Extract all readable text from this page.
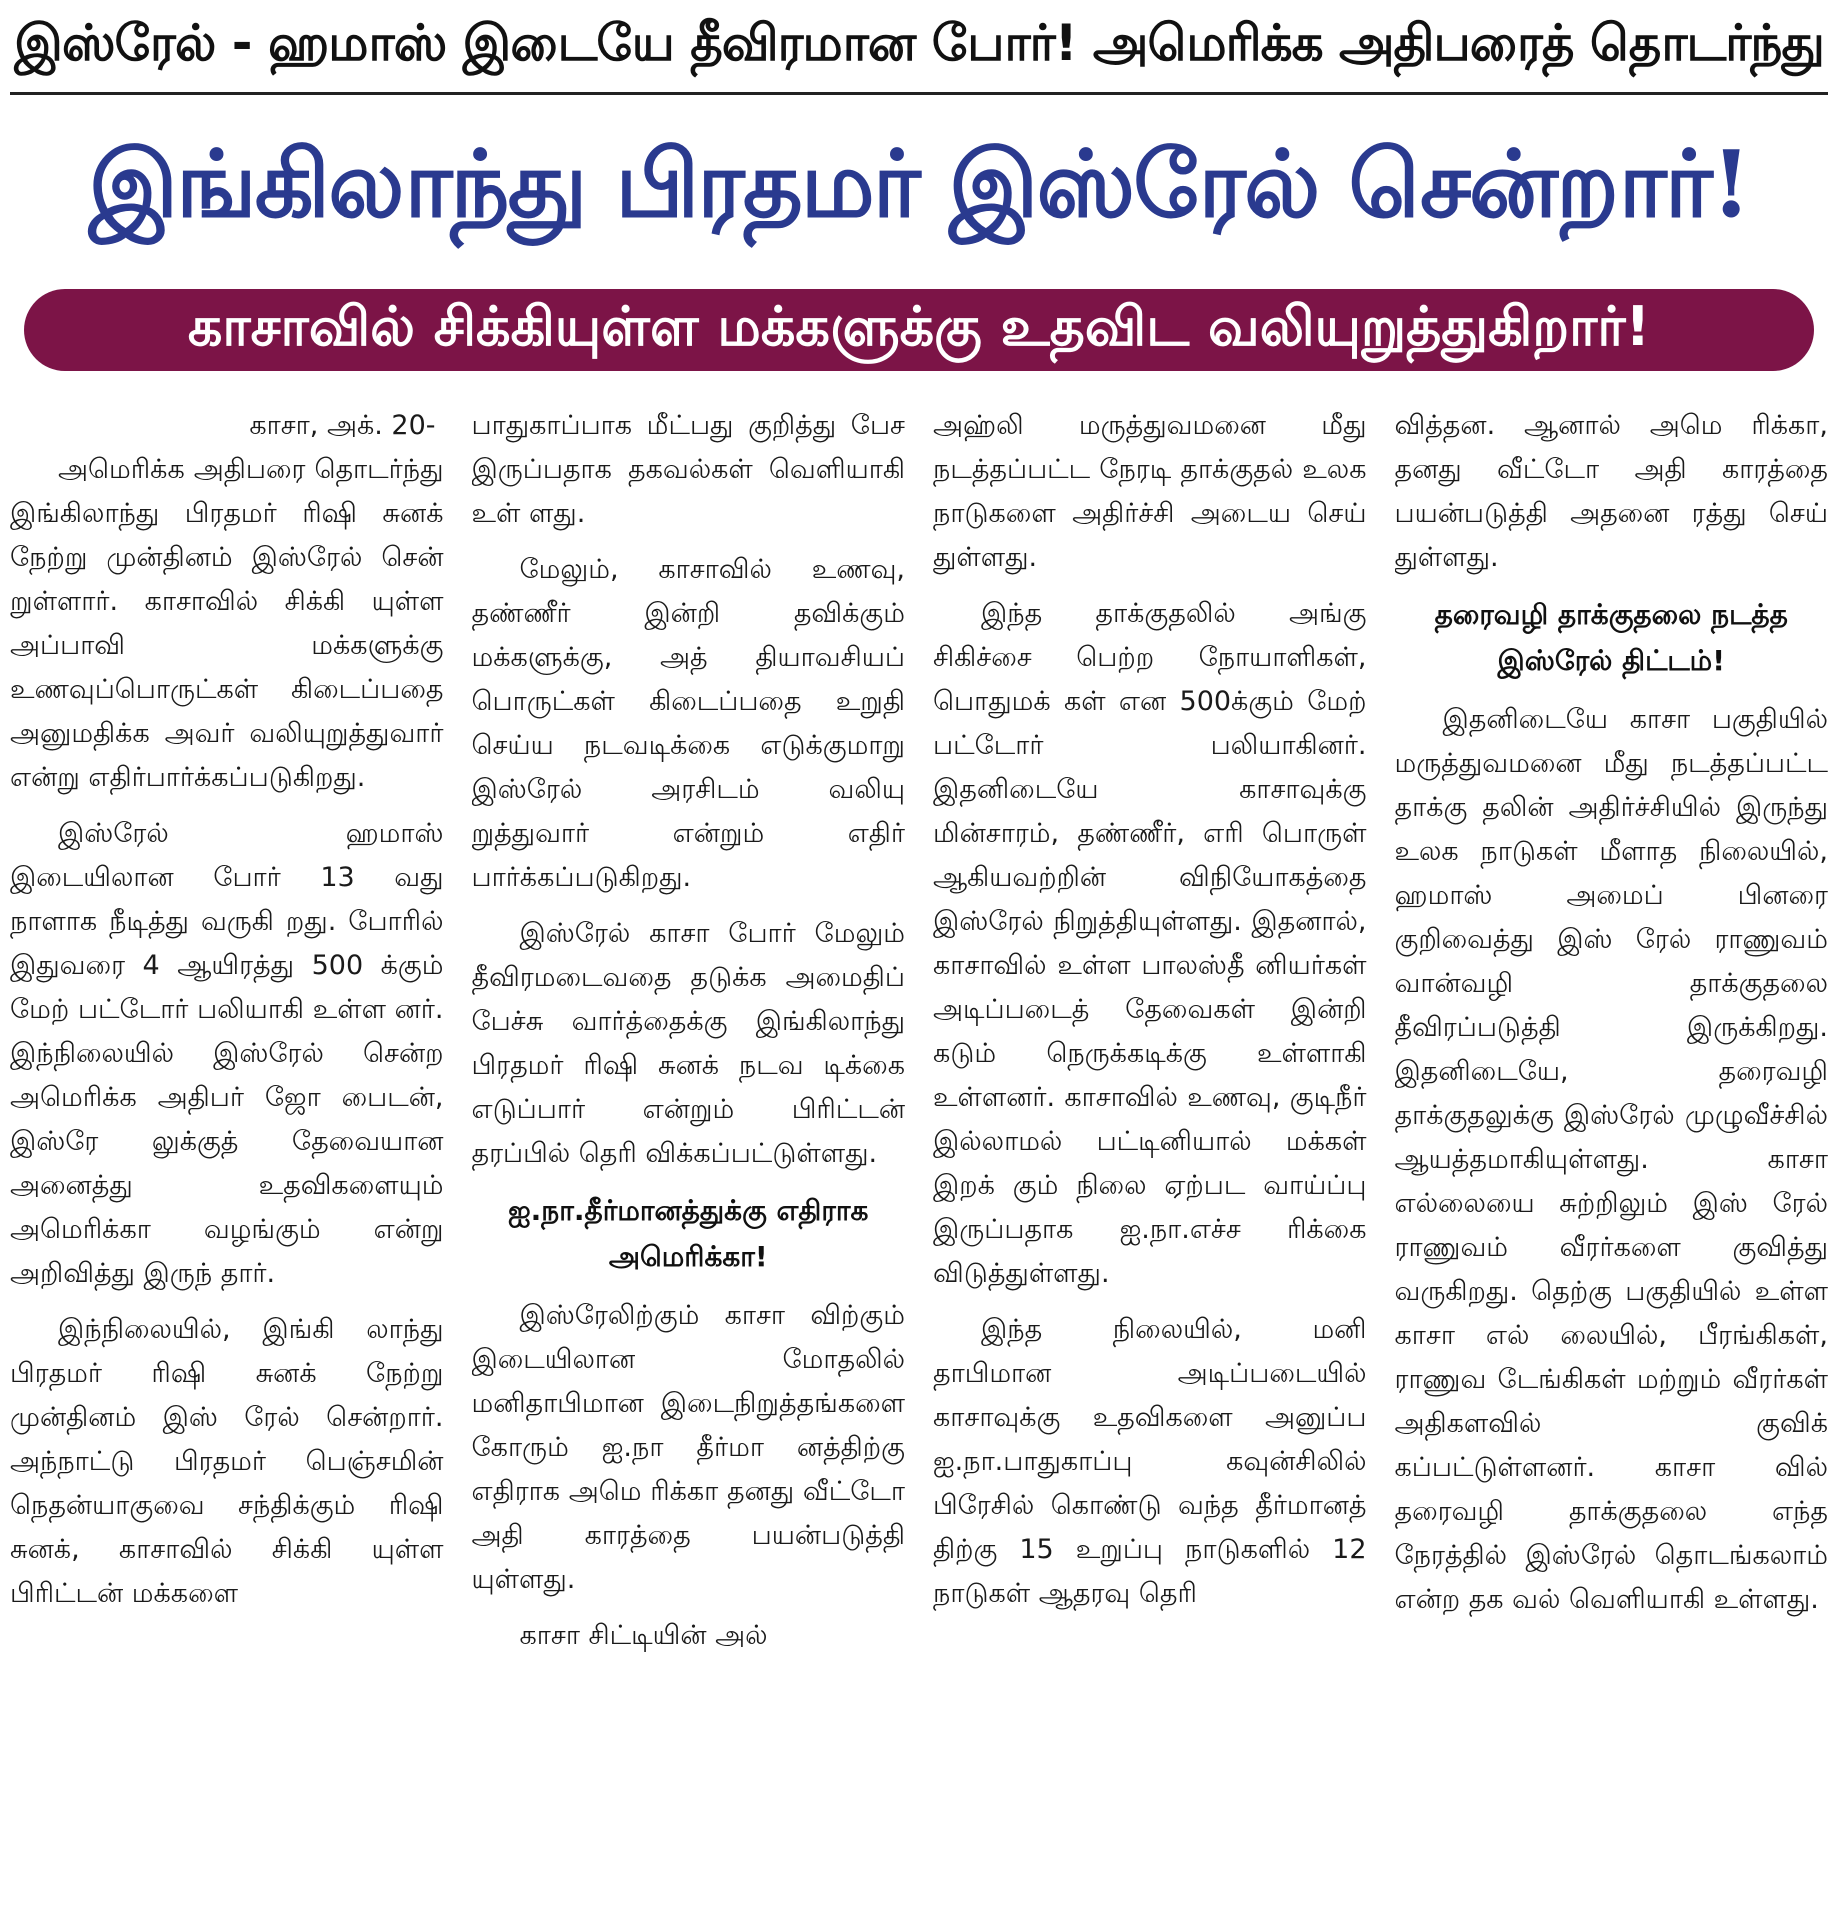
இஸ்ரேல் - ஹமாஸ் இடையே தீவிரமான போர்! அமெரிக்க அதிபரைத் தொடர்ந்து
இங்கிலாந்து பிரதமர் இஸ்ரேல் சென்றார்!
காசாவில் சிக்கியுள்ள மக்களுக்கு உதவிட வலியுறுத்துகிறார்!
காசா, அக். 20-

அமெரிக்க அதிபரை தொடர்ந்து இங்கிலாந்து பிரதமர் ரிஷி சுனக் நேற்று முன்தினம் இஸ்ரேல் சென் றுள்ளார். காசாவில் சிக்கி யுள்ள அப்பாவி மக்களுக்கு உணவுப்பொருட்கள் கிடைப்பதை அனுமதிக்க அவர் வலியுறுத்துவார் என்று எதிர்பார்க்கப்படுகிறது.

இஸ்ரேல் ஹமாஸ் இடையிலான போர் 13 வது நாளாக நீடித்து வருகி றது. போரில் இதுவரை 4 ஆயிரத்து 500 க்கும் மேற் பட்டோர் பலியாகி உள்ள னர். இந்நிலையில் இஸ்ரேல் சென்ற அமெரிக்க அதிபர் ஜோ பைடன், இஸ்ரே லுக்குத் தேவையான அனைத்து உதவிகளையும் அமெரிக்கா வழங்கும் என்று அறிவித்து இருந் தார்.

இந்நிலையில், இங்கி லாந்து பிரதமர் ரிஷி சுனக் நேற்று முன்தினம் இஸ் ரேல் சென்றார். அந்நாட்டு பிரதமர் பெஞ்சமின் நெதன்யாகுவை சந்திக்கும் ரிஷி சுனக், காசாவில் சிக்கி யுள்ள பிரிட்டன் மக்களை

பாதுகாப்பாக மீட்பது குறித்து பேச இருப்பதாக தகவல்கள் வெளியாகி உள் ளது.

மேலும், காசாவில் உணவு, தண்ணீர் இன்றி தவிக்கும் மக்களுக்கு, அத் தியாவசியப் பொருட்கள் கிடைப்பதை உறுதி செய்ய நடவடிக்கை எடுக்குமாறு இஸ்ரேல் அரசிடம் வலியு றுத்துவார் என்றும் எதிர் பார்க்கப்படுகிறது.

இஸ்ரேல் காசா போர் மேலும் தீவிரமடைவதை தடுக்க அமைதிப் பேச்சு வார்த்தைக்கு இங்கிலாந்து பிரதமர் ரிஷி சுனக் நடவ டிக்கை எடுப்பார் என்றும் பிரிட்டன் தரப்பில் தெரி விக்கப்பட்டுள்ளது.

ஐ.நா.தீர்மானத்துக்கு எதிராக அமெரிக்கா!

இஸ்ரேலிற்கும் காசா விற்கும் இடையிலான மோதலில் மனிதாபிமான இடைநிறுத்தங்களை கோரும் ஐ.நா தீர்மா னத்திற்கு எதிராக அமெ ரிக்கா தனது வீட்டோ அதி காரத்தை பயன்படுத்தி யுள்ளது.

காசா சிட்டியின் அல்

அஹ்லி மருத்துவமனை மீது நடத்தப்பட்ட நேரடி தாக்குதல் உலக நாடுகளை அதிர்ச்சி அடைய செய் துள்ளது.

இந்த தாக்குதலில் அங்கு சிகிச்சை பெற்ற நோயாளிகள், பொதுமக் கள் என 500க்கும் மேற் பட்டோர் பலியாகினர். இதனிடையே காசாவுக்கு மின்சாரம், தண்ணீர், எரி பொருள் ஆகியவற்றின் விநியோகத்தை இஸ்ரேல் நிறுத்தியுள்ளது. இதனால், காசாவில் உள்ள பாலஸ்தீ னியர்கள் அடிப்படைத் தேவைகள் இன்றி கடும் நெருக்கடிக்கு உள்ளாகி உள்ளனர். காசாவில் உணவு, குடிநீர் இல்லாமல் பட்டினியால் மக்கள் இறக் கும் நிலை ஏற்பட வாய்ப்பு இருப்பதாக ஐ.நா.எச்ச ரிக்கை விடுத்துள்ளது.

இந்த நிலையில், மனி தாபிமான அடிப்படையில் காசாவுக்கு உதவிகளை அனுப்ப ஐ.நா.பாதுகாப்பு கவுன்சிலில் பிரேசில் கொண்டு வந்த தீர்மானத் திற்கு 15 உறுப்பு நாடுகளில் 12 நாடுகள் ஆதரவு தெரி

வித்தன. ஆனால் அமெ ரிக்கா, தனது வீட்டோ அதி காரத்தை பயன்படுத்தி அதனை ரத்து செய் துள்ளது.

தரைவழி தாக்குதலை நடத்த இஸ்ரேல் திட்டம்!

இதனிடையே காசா பகுதியில் மருத்துவமனை மீது நடத்தப்பட்ட தாக்கு தலின் அதிர்ச்சியில் இருந்து உலக நாடுகள் மீளாத நிலையில், ஹமாஸ் அமைப் பினரை குறிவைத்து இஸ் ரேல் ராணுவம் வான்வழி தாக்குதலை தீவிரப்படுத்தி இருக்கிறது. இதனிடையே, தரைவழி தாக்குதலுக்கு இஸ்ரேல் முழுவீச்சில் ஆயத்தமாகியுள்ளது. காசா எல்லையை சுற்றிலும் இஸ் ரேல் ராணுவம் வீரர்களை குவித்து வருகிறது. தெற்கு பகுதியில் உள்ள காசா எல் லையில், பீரங்கிகள், ராணுவ டேங்கிகள் மற்றும் வீரர்கள் அதிகளவில் குவிக் கப்பட்டுள்ளனர். காசா வில் தரைவழி தாக்குதலை எந்த நேரத்தில் இஸ்ரேல் தொடங்கலாம் என்ற தக வல் வெளியாகி உள்ளது.
